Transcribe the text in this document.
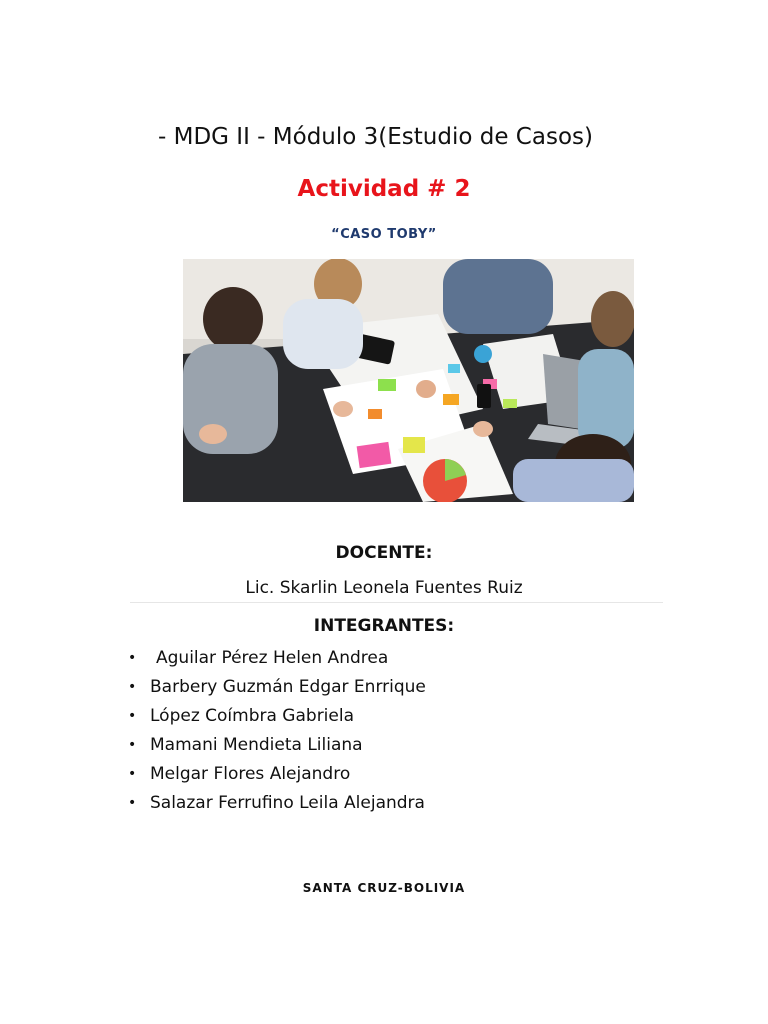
- MDG II - Módulo 3(Estudio de Casos)
Actividad # 2
“CASO TOBY”
DOCENTE:
Lic. Skarlin Leonela Fuentes Ruiz
INTEGRANTES:
•	Aguilar Pérez Helen Andrea
• Barbery Guzmán Edgar Enrrique
• López Coímbra Gabriela
• Mamani Mendieta Liliana
• Melgar Flores Alejandro
• Salazar Ferrufino Leila Alejandra
SANTA CRUZ-BOLIVIA
